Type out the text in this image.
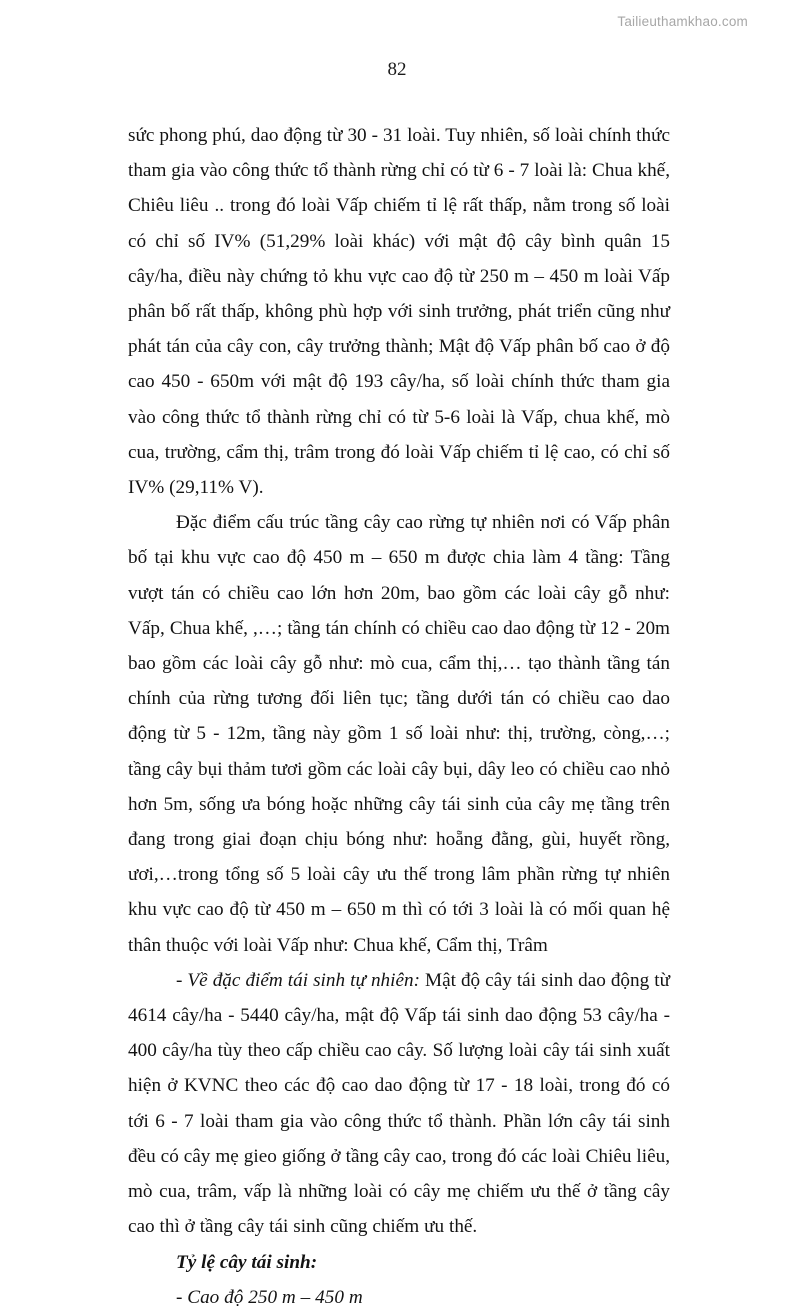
Tailieuthamkhao.com
82

sức phong phú, dao động từ 30 - 31 loài. Tuy nhiên, số loài chính thức tham gia vào công thức tổ thành rừng chỉ có từ 6 - 7 loài là: Chua khế, Chiêu liêu .. trong đó loài Vấp chiếm tỉ lệ rất thấp, nằm trong số loài có chỉ số IV% (51,29% loài khác) với mật độ cây bình quân 15 cây/ha, điều này chứng tỏ khu vực cao độ từ 250 m – 450 m loài Vấp phân bố rất thấp, không phù hợp với sinh trưởng, phát triển cũng như phát tán của cây con, cây trưởng thành; Mật độ Vấp phân bố cao ở độ cao 450 - 650m với mật độ 193 cây/ha, số loài chính thức tham gia vào công thức tổ thành rừng chỉ có từ 5-6 loài là Vấp, chua khế, mò cua, trường, cẩm thị, trâm trong đó loài Vấp chiếm tỉ lệ cao, có chỉ số IV% (29,11% V).

Đặc điểm cấu trúc tầng cây cao rừng tự nhiên nơi có Vấp phân bố tại khu vực cao độ 450 m – 650 m được chia làm 4 tầng: Tầng vượt tán có chiều cao lớn hơn 20m, bao gồm các loài cây gỗ như: Vấp, Chua khế, ,…; tầng tán chính có chiều cao dao động từ 12 - 20m bao gồm các loài cây gỗ như: mò cua, cẩm thị,… tạo thành tầng tán chính của rừng tương đối liên tục; tầng dưới tán có chiều cao dao động từ 5 - 12m, tầng này gồm 1 số loài như: thị, trường, còng,…; tầng cây bụi thảm tươi gồm các loài cây bụi, dây leo có chiều cao nhỏ hơn 5m, sống ưa bóng hoặc những cây tái sinh của cây mẹ tầng trên đang trong giai đoạn chịu bóng như: hoẵng đằng, gùi, huyết rồng, ươi,…trong tổng số 5 loài cây ưu thế trong lâm phần rừng tự nhiên khu vực cao độ từ 450 m – 650 m thì có tới 3 loài là có mối quan hệ thân thuộc với loài Vấp như: Chua khế, Cẩm thị, Trâm

- Về đặc điểm tái sinh tự nhiên: Mật độ cây tái sinh dao động từ 4614 cây/ha - 5440 cây/ha, mật độ Vấp tái sinh dao động 53 cây/ha - 400 cây/ha tùy theo cấp chiều cao cây. Số lượng loài cây tái sinh xuất hiện ở KVNC theo các độ cao dao động từ 17 - 18 loài, trong đó có tới 6 - 7 loài tham gia vào công thức tổ thành. Phần lớn cây tái sinh đều có cây mẹ gieo giống ở tầng cây cao, trong đó các loài Chiêu liêu, mò cua, trâm, vấp là những loài có cây mẹ chiếm ưu thế ở tầng cây cao thì ở tầng cây tái sinh cũng chiếm ưu thế.

Tỷ lệ cây tái sinh:

- Cao độ 250 m – 450 m
